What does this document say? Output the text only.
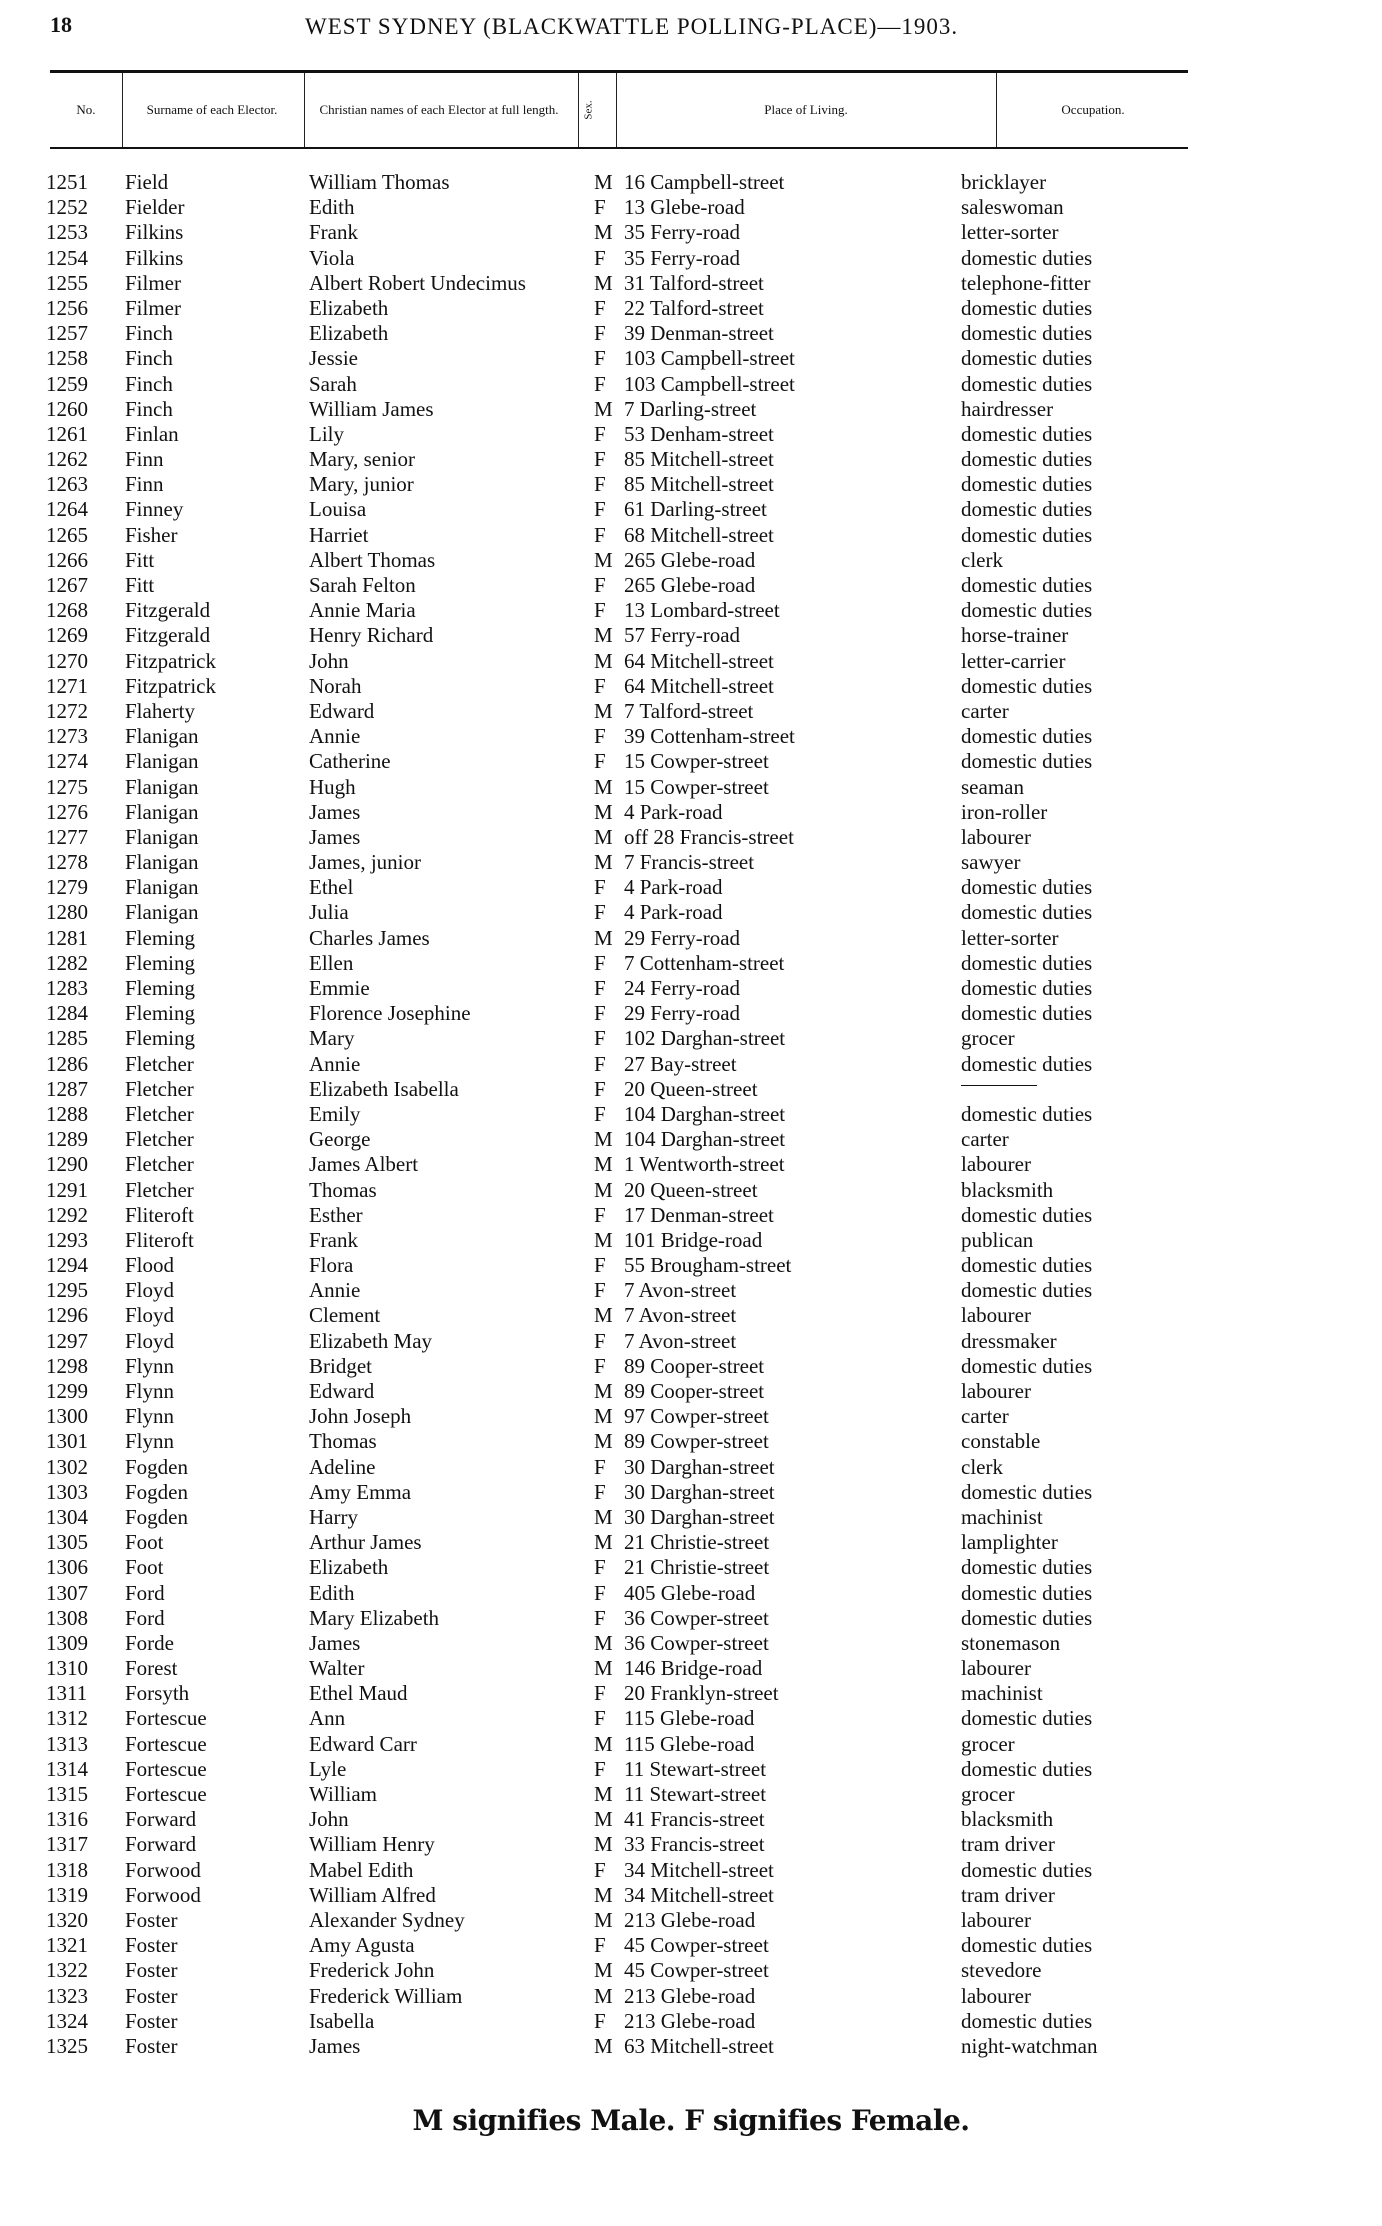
18	WEST SYDNEY (BLACKWATTLE POLLING-PLACE)—1903.
No.	Surname of each Elector.	Christian names of each Elector at full length.	Sex.	Place of Living.	Occupation.
1251	Field	William Thomas	M 16 Campbell-street	bricklayer
1252	Fielder	Edith	F 13 Glebe-road	saleswoman
1253	Filkins	Frank	M 35 Ferry-road	letter-sorter
1254	Filkins	Viola	F 35 Ferry-road	domestic duties
1255	Filmer	Albert Robert Undecimus	M 31 Talford-street	telephone-fitter
1256	Filmer	Elizabeth	F 22 Talford-street	domestic duties
1257	Finch	Elizabeth	F 39 Denman-street	domestic duties
1258	Finch	Jessie	F 103 Campbell-street	domestic duties
1259	Finch	Sarah	F 103 Campbell-street	domestic duties
1260	Finch	William James	M 7 Darling-street	hairdresser
1261	Finlan	Lily	F 53 Denham-street	domestic duties
1262	Finn	Mary, senior	F 85 Mitchell-street	domestic duties
1263	Finn	Mary, junior	F 85 Mitchell-street	domestic duties
1264	Finney	Louisa	F 61 Darling-street	domestic duties
1265	Fisher	Harriet	F 68 Mitchell-street	domestic duties
1266	Fitt	Albert Thomas	M 265 Glebe-road	clerk
1267	Fitt	Sarah Felton	F 265 Glebe-road	domestic duties
1268	Fitzgerald	Annie Maria	F 13 Lombard-street	domestic duties
1269	Fitzgerald	Henry Richard	M 57 Ferry-road	horse-trainer
1270	Fitzpatrick	John	M 64 Mitchell-street	letter-carrier
1271	Fitzpatrick	Norah	F 64 Mitchell-street	domestic duties
1272	Flaherty	Edward	M 7 Talford-street	carter
1273	Flanigan	Annie	F 39 Cottenham-street	domestic duties
1274	Flanigan	Catherine	F 15 Cowper-street	domestic duties
1275	Flanigan	Hugh	M 15 Cowper-street	seaman
1276	Flanigan	James	M 4 Park-road	iron-roller
1277	Flanigan	James	M off 28 Francis-street	labourer
1278	Flanigan	James, junior	M 7 Francis-street	sawyer
1279	Flanigan	Ethel	F 4 Park-road	domestic duties
1280	Flanigan	Julia	F 4 Park-road	domestic duties
1281	Fleming	Charles James	M 29 Ferry-road	letter-sorter
1282	Fleming	Ellen	F 7 Cottenham-street	domestic duties
1283	Fleming	Emmie	F 24 Ferry-road	domestic duties
1284	Fleming	Florence Josephine	F 29 Ferry-road	domestic duties
1285	Fleming	Mary	F 102 Darghan-street	grocer
1286	Fletcher	Annie	F 27 Bay-street	domestic duties
1287	Fletcher	Elizabeth Isabella	F 20 Queen-street
1288	Fletcher	Emily	F 104 Darghan-street	domestic duties
1289	Fletcher	George	M 104 Darghan-street	carter
1290	Fletcher	James Albert	M 1 Wentworth-street	labourer
1291	Fletcher	Thomas	M 20 Queen-street	blacksmith
1292	Fliteroft	Esther	F 17 Denman-street	domestic duties
1293	Fliteroft	Frank	M 101 Bridge-road	publican
1294	Flood	Flora	F 55 Brougham-street	domestic duties
1295	Floyd	Annie	F 7 Avon-street	domestic duties
1296	Floyd	Clement	M 7 Avon-street	labourer
1297	Floyd	Elizabeth May	F 7 Avon-street	dressmaker
1298	Flynn	Bridget	F 89 Cooper-street	domestic duties
1299	Flynn	Edward	M 89 Cooper-street	labourer
1300	Flynn	John Joseph	M 97 Cowper-street	carter
1301	Flynn	Thomas	M 89 Cowper-street	constable
1302	Fogden	Adeline	F 30 Darghan-street	clerk
1303	Fogden	Amy Emma	F 30 Darghan-street	domestic duties
1304	Fogden	Harry	M 30 Darghan-street	machinist
1305	Foot	Arthur James	M 21 Christie-street	lamplighter
1306	Foot	Elizabeth	F 21 Christie-street	domestic duties
1307	Ford	Edith	F 405 Glebe-road	domestic duties
1308	Ford	Mary Elizabeth	F 36 Cowper-street	domestic duties
1309	Forde	James	M 36 Cowper-street	stonemason
1310	Forest	Walter	M 146 Bridge-road	labourer
1311	Forsyth	Ethel Maud	F 20 Franklyn-street	machinist
1312	Fortescue	Ann	F 115 Glebe-road	domestic duties
1313	Fortescue	Edward Carr	M 115 Glebe-road	grocer
1314	Fortescue	Lyle	F 11 Stewart-street	domestic duties
1315	Fortescue	William	M 11 Stewart-street	grocer
1316	Forward	John	M 41 Francis-street	blacksmith
1317	Forward	William Henry	M 33 Francis-street	tram driver
1318	Forwood	Mabel Edith	F 34 Mitchell-street	domestic duties
1319	Forwood	William Alfred	M 34 Mitchell-street	tram driver
1320	Foster	Alexander Sydney	M 213 Glebe-road	labourer
1321	Foster	Amy Agusta	F 45 Cowper-street	domestic duties
1322	Foster	Frederick John	M 45 Cowper-street	stevedore
1323	Foster	Frederick William	M 213 Glebe-road	labourer
1324	Foster	Isabella	F 213 Glebe-road	domestic duties
1325	Foster	James	M 63 Mitchell-street	night-watchman
M signifies Male. F signifies Female.
